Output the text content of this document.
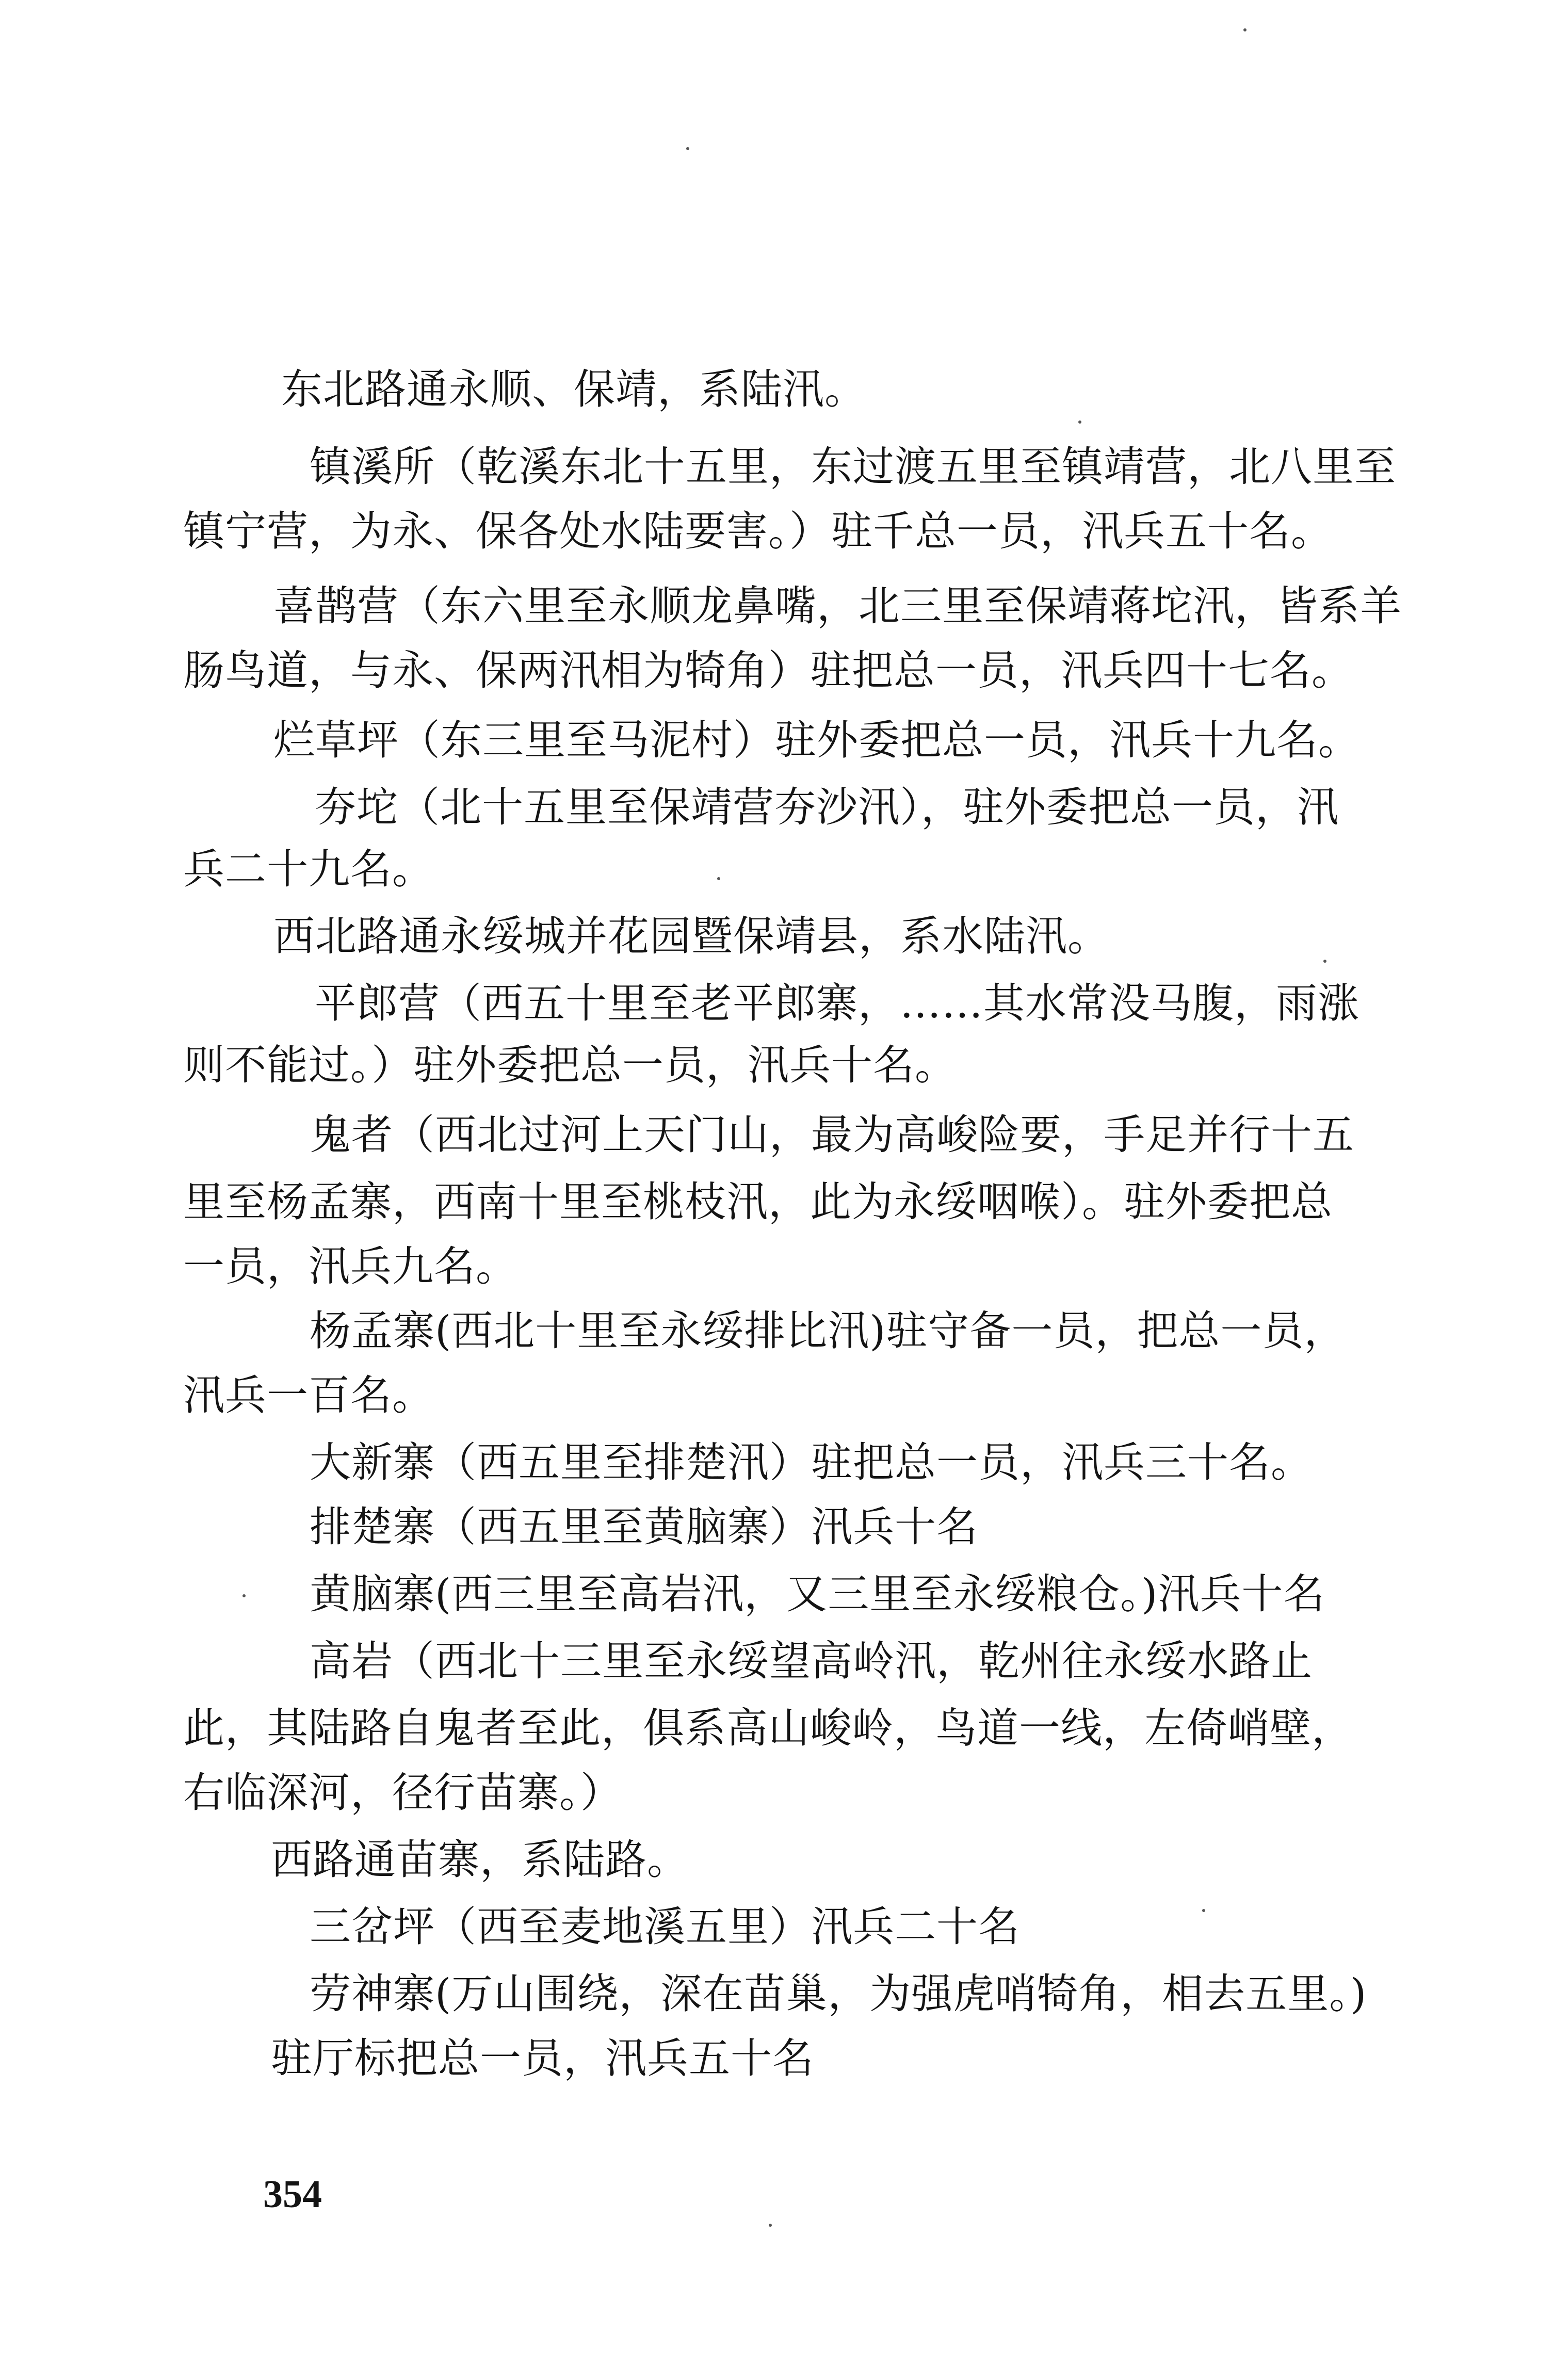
东北路通永顺、保靖，系陆汛。
镇溪所（乾溪东北十五里，东过渡五里至镇靖营，北八里至
镇宁营，为永、保各处水陆要害。）驻千总一员，汛兵五十名。
喜鹊营（东六里至永顺龙鼻嘴，北三里至保靖蒋坨汛，皆系羊
肠鸟道，与永、保两汛相为犄角）驻把总一员，汛兵四十七名。
烂草坪（东三里至马泥村）驻外委把总一员，汛兵十九名。
夯坨（北十五里至保靖营夯沙汛），驻外委把总一员，汛
兵二十九名。
西北路通永绥城并花园暨保靖县，系水陆汛。
平郎营（西五十里至老平郎寨，……其水常没马腹，雨涨
则不能过。）驻外委把总一员，汛兵十名。
鬼者（西北过河上天门山，最为高峻险要，手足并行十五
里至杨孟寨，西南十里至桃枝汛，此为永绥咽喉）。驻外委把总
一员，汛兵九名。
杨孟寨(西北十里至永绥排比汛)驻守备一员，把总一员，
汛兵一百名。
大新寨（西五里至排楚汛）驻把总一员，汛兵三十名。
排楚寨（西五里至黄脑寨）汛兵十名
黄脑寨(西三里至高岩汛，又三里至永绥粮仓。)汛兵十名
高岩（西北十三里至永绥望高岭汛，乾州往永绥水路止
此，其陆路自鬼者至此，俱系高山峻岭，鸟道一线，左倚峭壁，
右临深河，径行苗寨。）
西路通苗寨，系陆路。
三岔坪（西至麦地溪五里）汛兵二十名
劳神寨(万山围绕，深在苗巢，为强虎哨犄角，相去五里。)
驻厅标把总一员，汛兵五十名
354
